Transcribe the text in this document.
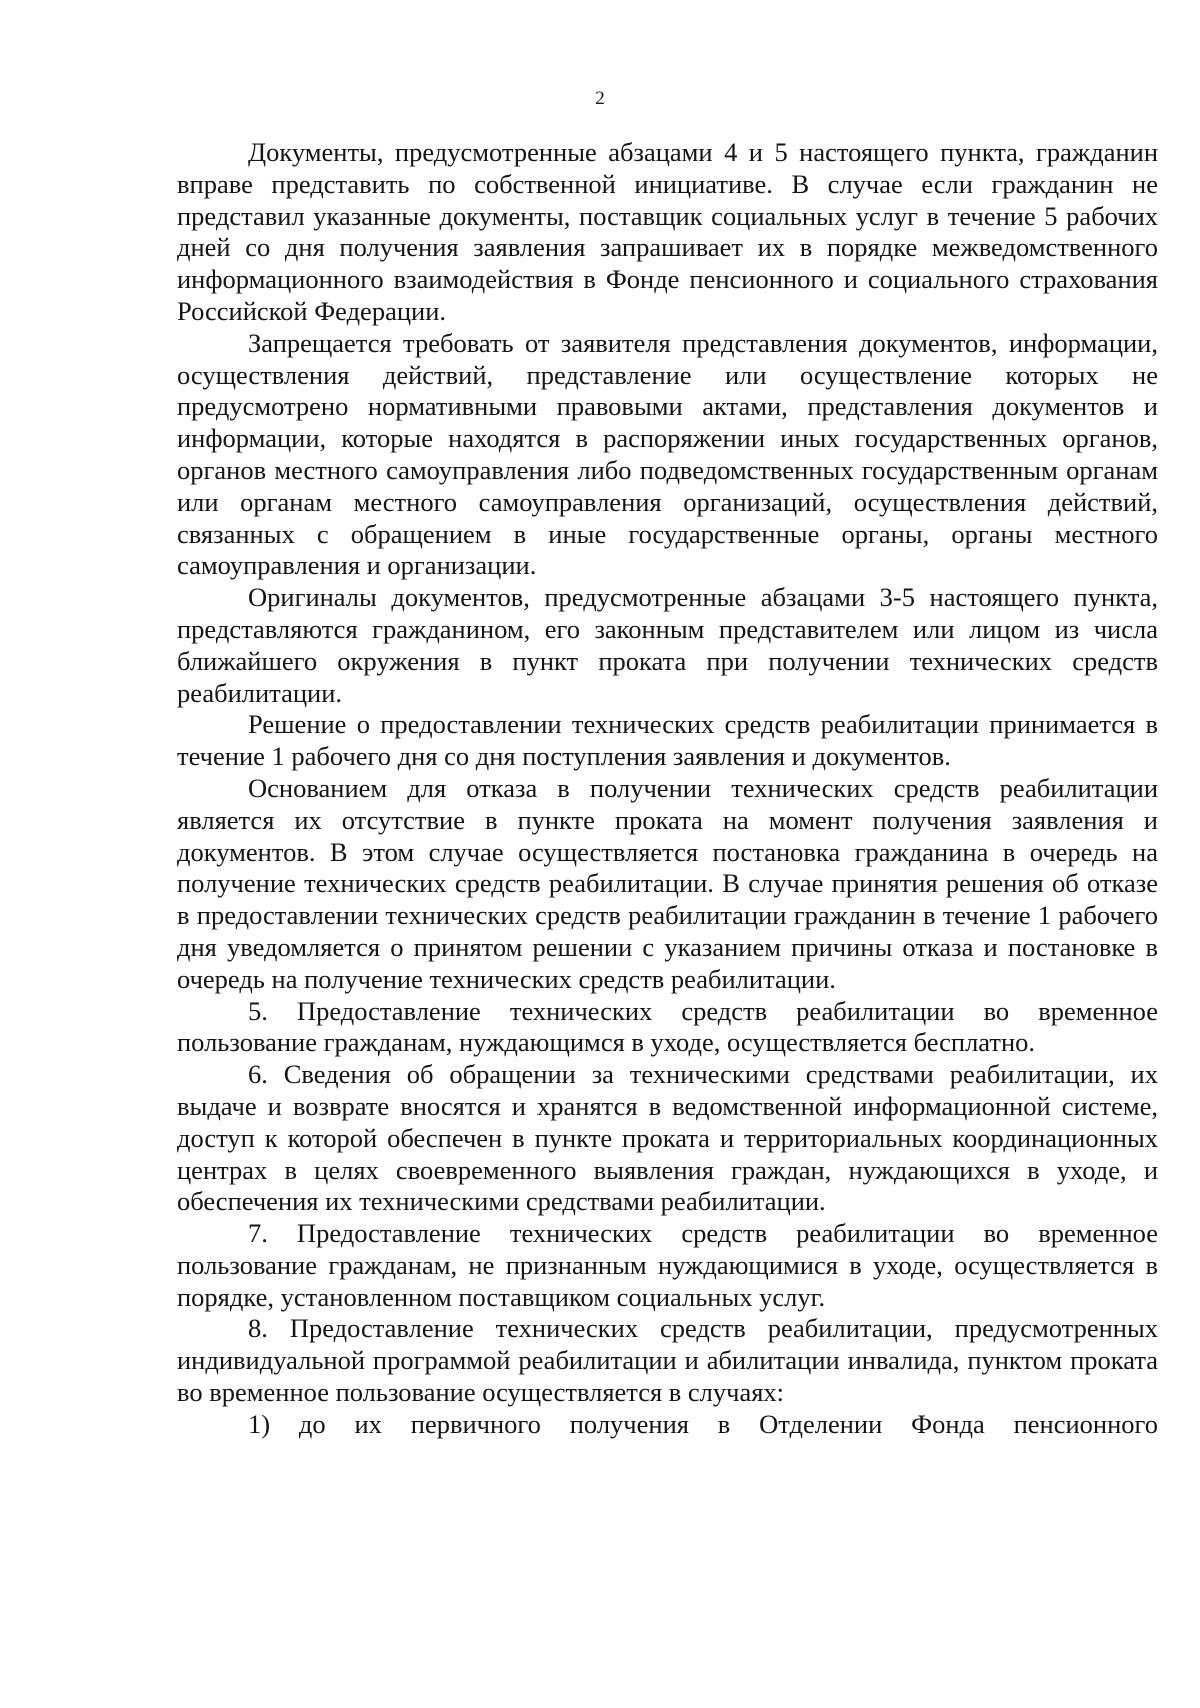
2

Документы, предусмотренные абзацами 4 и 5 настоящего пункта, гражданин вправе представить по собственной инициативе. В случае если гражданин не представил указанные документы, поставщик социальных услуг в течение 5 рабочих дней со дня получения заявления запрашивает их в порядке межведомственного информационного взаимодействия в Фонде пенсионного и социального страхования Российской Федерации.

Запрещается требовать от заявителя представления документов, информации, осуществления действий, представление или осуществление которых не предусмотрено нормативными правовыми актами, представления документов и информации, которые находятся в распоряжении иных государственных органов, органов местного самоуправления либо подведомственных государственным органам или органам местного самоуправления организаций, осуществления действий, связанных с обращением в иные государственные органы, органы местного самоуправления и организации.

Оригиналы документов, предусмотренные абзацами 3-5 настоящего пункта, представляются гражданином, его законным представителем или лицом из числа ближайшего окружения в пункт проката при получении технических средств реабилитации.

Решение о предоставлении технических средств реабилитации принимается в течение 1 рабочего дня со дня поступления заявления и документов.

Основанием для отказа в получении технических средств реабилитации является их отсутствие в пункте проката на момент получения заявления и документов. В этом случае осуществляется постановка гражданина в очередь на получение технических средств реабилитации. В случае принятия решения об отказе в предоставлении технических средств реабилитации гражданин в течение 1 рабочего дня уведомляется о принятом решении с указанием причины отказа и постановке в очередь на получение технических средств реабилитации.

5. Предоставление технических средств реабилитации во временное пользование гражданам, нуждающимся в уходе, осуществляется бесплатно.

6. Сведения об обращении за техническими средствами реабилитации, их выдаче и возврате вносятся и хранятся в ведомственной информационной системе, доступ к которой обеспечен в пункте проката и территориальных координационных центрах в целях своевременного выявления граждан, нуждающихся в уходе, и обеспечения их техническими средствами реабилитации.

7. Предоставление технических средств реабилитации во временное пользование гражданам, не признанным нуждающимися в уходе, осуществляется в порядке, установленном поставщиком социальных услуг.

8. Предоставление технических средств реабилитации, предусмотренных индивидуальной программой реабилитации и абилитации инвалида, пунктом проката во временное пользование осуществляется в случаях:

1) до их первичного получения в Отделении Фонда пенсионного
